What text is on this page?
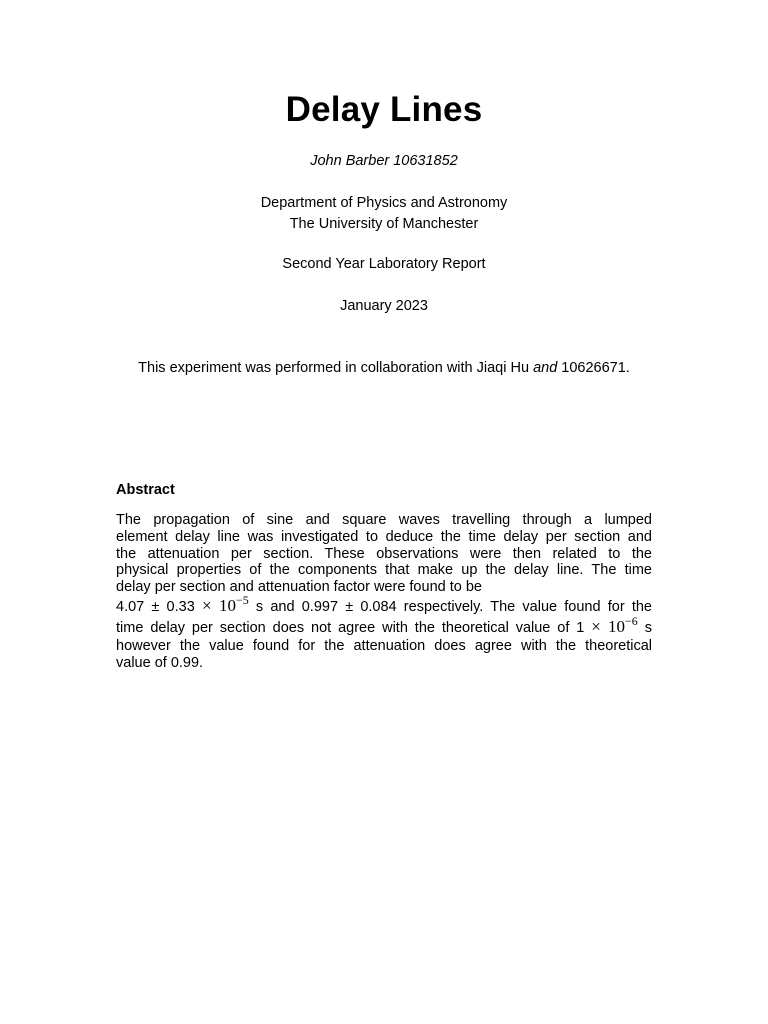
Delay Lines
John Barber 10631852
Department of Physics and Astronomy
The University of Manchester
Second Year Laboratory Report
January 2023
This experiment was performed in collaboration with Jiaqi Hu and 10626671.
Abstract
The propagation of sine and square waves travelling through a lumped
element delay line was investigated to deduce the time delay per section and
the attenuation per section. These observations were then related to the
physical properties of the components that make up the delay line. The time
delay per section and attenuation factor were found to be
$4.07 \pm 0.33 \times 10^{-5}$ s and 0.997 ± 0.084 respectively. The value found for the
time delay per section does not agree with the theoretical value of $1 \times 10^{-6}$ s
however the value found for the attenuation does agree with the theoretical
value of 0.99.
